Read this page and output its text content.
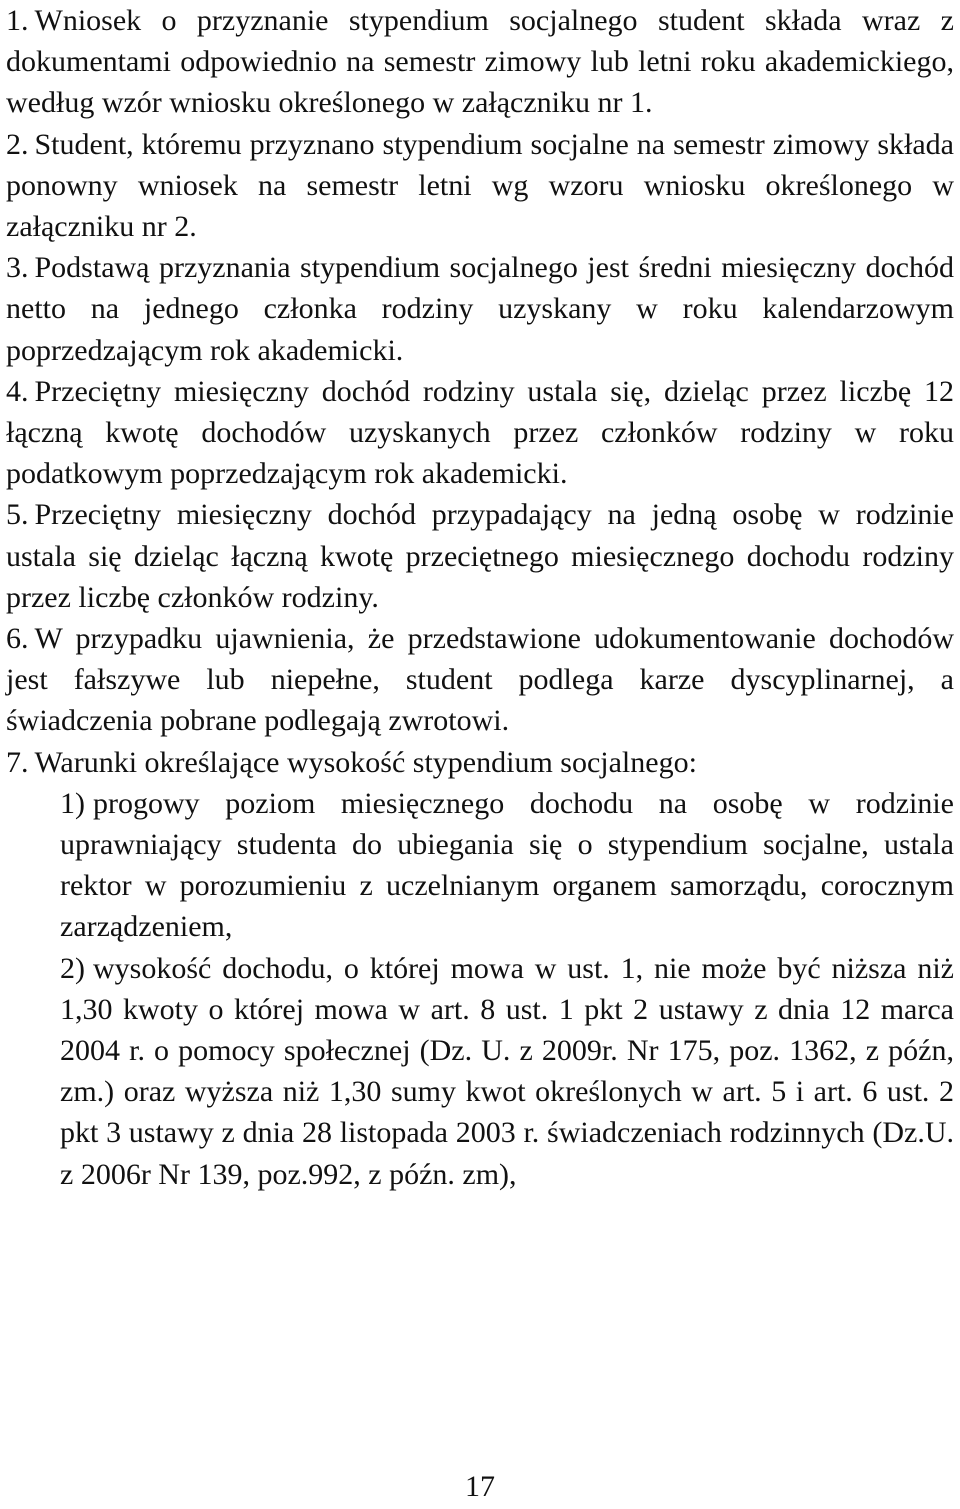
1. Wniosek o przyznanie stypendium socjalnego student składa wraz z dokumentami odpowiednio na semestr zimowy lub letni roku akademickiego, według wzór wniosku określonego w załączniku nr 1.

2. Student, któremu przyznano stypendium socjalne na semestr zimowy składa ponowny wniosek na semestr letni wg wzoru wniosku określonego w załączniku nr 2.

3. Podstawą przyznania stypendium socjalnego jest średni miesięczny dochód netto na jednego członka rodziny uzyskany w roku kalendarzowym poprzedzającym rok akademicki.

4. Przeciętny miesięczny dochód rodziny ustala się, dzieląc przez liczbę 12 łączną kwotę dochodów uzyskanych przez członków rodziny w roku podatkowym poprzedzającym rok akademicki.

5. Przeciętny miesięczny dochód przypadający na jedną osobę w rodzinie ustala się dzieląc łączną kwotę przeciętnego miesięcznego dochodu rodziny przez liczbę członków rodziny.

6. W przypadku ujawnienia, że przedstawione udokumentowanie dochodów jest fałszywe lub niepełne, student podlega karze dyscyplinarnej, a świadczenia pobrane podlegają zwrotowi.

7. Warunki określające wysokość stypendium socjalnego:

1) progowy poziom miesięcznego dochodu na osobę w rodzinie uprawniający studenta do ubiegania się o stypendium socjalne, ustala rektor w porozumieniu z uczelnianym organem samorządu, corocznym zarządzeniem,

2) wysokość dochodu, o której mowa w ust. 1, nie może być niższa niż 1,30 kwoty o której mowa w art. 8 ust. 1 pkt 2 ustawy z dnia 12 marca 2004 r. o pomocy społecznej (Dz. U. z 2009r. Nr 175, poz. 1362, z późn, zm.) oraz wyższa niż 1,30 sumy kwot określonych w art. 5 i art. 6 ust. 2 pkt 3 ustawy z dnia 28 listopada 2003 r. świadczeniach rodzinnych (Dz.U. z 2006r Nr 139, poz.992, z późn. zm),

17
